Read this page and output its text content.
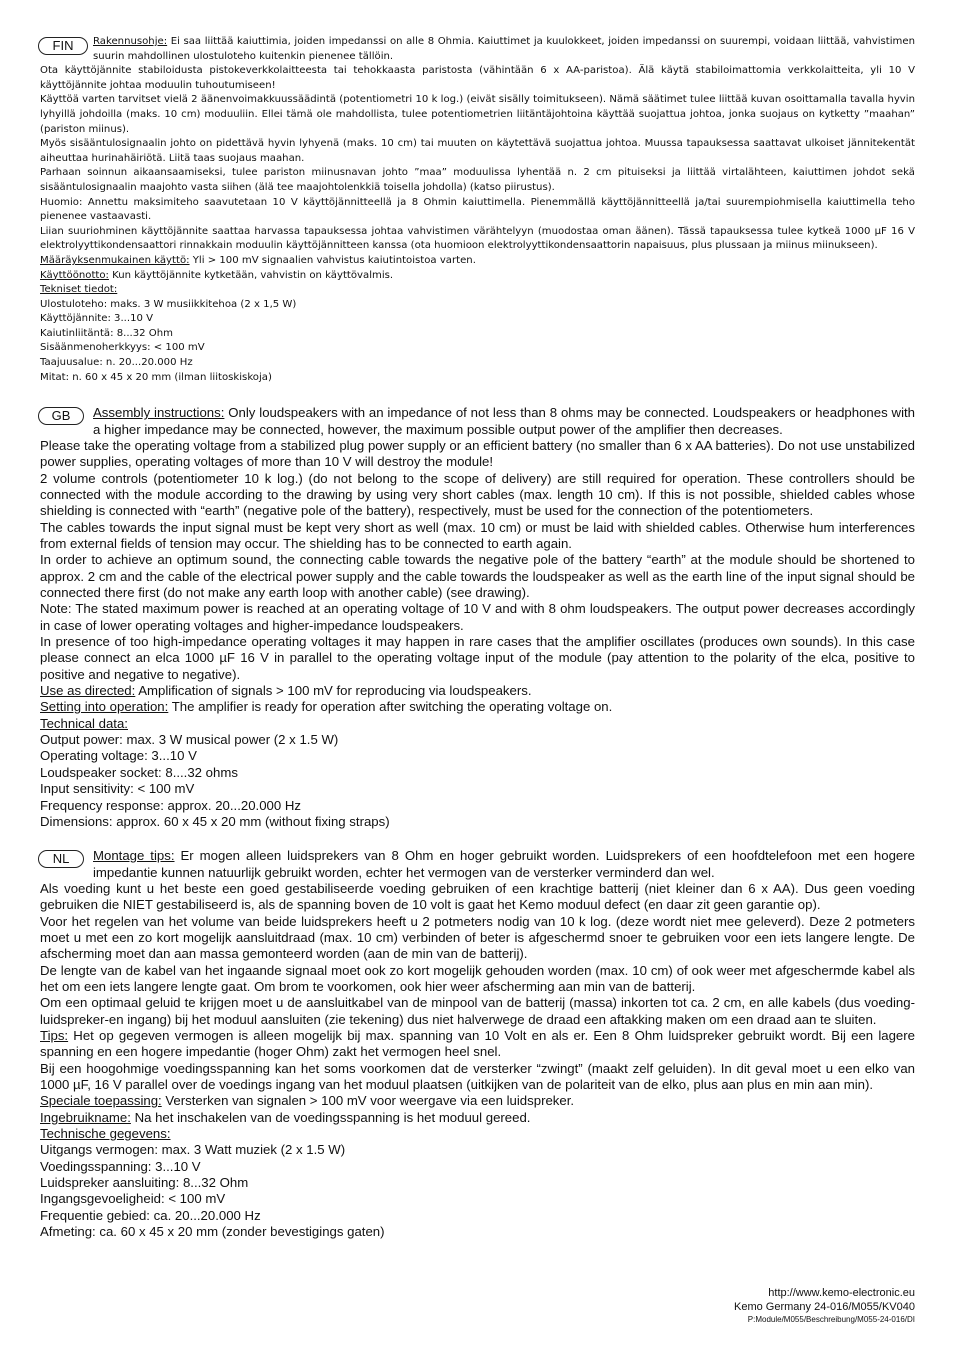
FIN	Rakennusohje: Ei saa liittää kaiuttimia, joiden impedanssi on alle 8 Ohmia. Kaiuttimet ja kuulokkeet, joiden impedanssi on suurempi, voidaan liittää, vahvistimen suurin mahdollinen ulostuloteho kuitenkin pienenee tällöin.

Ota käyttöjännite stabiloidusta pistokeverkkolaitteesta tai tehokkaasta paristosta (vähintään 6 x AA-paristoa). Älä käytä stabiloimattomia verkkolaitteita, yli 10 V käyttöjännite johtaa moduulin tuhoutumiseen!

Käyttöä varten tarvitset vielä 2 äänenvoimakkuussäädintä (potentiometri 10 k log.) (eivät sisälly toimitukseen). Nämä säätimet tulee liittää kuvan osoittamalla tavalla hyvin lyhyillä johdoilla (maks. 10 cm) moduuliin. Ellei tämä ole mahdollista, tulee potentiometrien liitäntäjohtoina käyttää suojattua johtoa, jonka suojaus on kytketty ”maahan” (pariston miinus).

Myös sisääntulosignaalin johto on pidettävä hyvin lyhyenä (maks. 10 cm) tai muuten on käytettävä suojattua johtoa. Muussa tapauksessa saattavat ulkoiset jännitekentät aiheuttaa hurinahäiriötä. Liitä taas suojaus maahan.

Parhaan soinnun aikaansaamiseksi, tulee pariston miinusnavan johto ”maa” moduulissa lyhentää n. 2 cm pituiseksi ja liittää virtalähteen, kaiuttimen johdot sekä sisääntulosignaalin maajohto vasta siihen (älä tee maajohtolenkkiä toisella johdolla) (katso piirustus).

Huomio: Annettu maksimiteho saavutetaan 10 V käyttöjännitteellä ja 8 Ohmin kaiuttimella. Pienemmällä käyttöjännitteellä ja/tai suurempiohmisella kaiuttimella teho pienenee vastaavasti.

Liian suuriohminen käyttöjännite saattaa harvassa tapauksessa johtaa vahvistimen värähtelyyn (muodostaa oman äänen). Tässä tapauksessa tulee kytkeä 1000 µF 16 V elektrolyyttikondensaattori rinnakkain moduulin käyttöjännitteen kanssa (ota huomioon elektrolyyttikondensaattorin napaisuus, plus plussaan ja miinus miinukseen).

Määräyksenmukainen käyttö: Yli > 100 mV signaalien vahvistus kaiutintoistoa varten.

Käyttöönotto: Kun käyttöjännite kytketään, vahvistin on käyttövalmis.

Tekniset tiedot:

Ulostuloteho: maks. 3 W musiikkitehoa (2 x 1,5 W)

Käyttöjännite: 3...10 V

Kaiutinliitäntä: 8...32 Ohm

Sisäänmenoherkkyys: < 100 mV

Taajuusalue: n. 20...20.000 Hz

Mitat: n. 60 x 45 x 20 mm (ilman liitoskiskoja)

GB	Assembly instructions: Only loudspeakers with an impedance of not less than 8 ohms may be connected. Loudspeakers or headphones with a higher impedance may be connected, however, the maximum possible output power of the amplifier then decreases.

Please take the operating voltage from a stabilized plug power supply or an efficient battery (no smaller than 6 x AA batteries). Do not use unstabilized power supplies, operating voltages of more than 10 V will destroy the module!

2 volume controls (potentiometer 10 k log.) (do not belong to the scope of delivery) are still required for operation. These controllers should be connected with the module according to the drawing by using very short cables (max. length 10 cm). If this is not possible, shielded cables whose shielding is connected with “earth” (negative pole of the battery), respectively, must be used for the connection of the potentiometers.

The cables towards the input signal must be kept very short as well (max. 10 cm) or must be laid with shielded cables. Otherwise hum interferences from external fields of tension may occur. The shielding has to be connected to earth again.

In order to achieve an optimum sound, the connecting cable towards the negative pole of the battery “earth” at the module should be shortened to approx. 2 cm and the cable of the electrical power supply and the cable towards the loudspeaker as well as the earth line of the input signal should be connected there first (do not make any earth loop with another cable) (see drawing).

Note: The stated maximum power is reached at an operating voltage of 10 V and with 8 ohm loudspeakers. The output power decreases accordingly in case of lower operating voltages and higher-impedance loudspeakers.

In presence of too high-impedance operating voltages it may happen in rare cases that the amplifier oscillates (produces own sounds). In this case please connect an elca 1000 µF 16 V in parallel to the operating voltage input of the module (pay attention to the polarity of the elca, positive to positive and negative to negative).

Use as directed: Amplification of signals > 100 mV for reproducing via loudspeakers.

Setting into operation: The amplifier is ready for operation after switching the operating voltage on.

Technical data:

Output power: max. 3 W musical power (2 x 1.5 W)

Operating voltage: 3...10 V

Loudspeaker socket: 8....32 ohms

Input sensitivity: < 100 mV

Frequency response: approx. 20...20.000 Hz

Dimensions: approx. 60 x 45 x 20 mm (without fixing straps)

NL	Montage tips: Er mogen alleen luidsprekers van 8 Ohm en hoger gebruikt worden. Luidsprekers of een hoofdtelefoon met een hogere impedantie kunnen natuurlijk gebruikt worden, echter het vermogen van de versterker verminderd dan wel.

Als voeding kunt u het beste een goed gestabiliseerde voeding gebruiken of een krachtige batterij (niet kleiner dan 6 x AA). Dus geen voeding gebruiken die NIET gestabiliseerd is, als de spanning boven de 10 volt is gaat het Kemo moduul defect (en daar zit geen garantie op).

Voor het regelen van het volume van beide luidsprekers heeft u 2 potmeters nodig van 10 k log. (deze wordt niet mee geleverd). Deze 2 potmeters moet u met een zo kort mogelijk aansluitdraad (max. 10 cm) verbinden of beter is afgeschermd snoer te gebruiken voor een iets langere lengte. De afscherming moet dan aan massa gemonteerd worden (aan de min van de batterij).

De lengte van de kabel van het ingaande signaal moet ook zo kort mogelijk gehouden worden (max. 10 cm) of ook weer met afgeschermde kabel als het om een iets langere lengte gaat. Om brom te voorkomen, ook hier weer afscherming aan min van de batterij.

Om een optimaal geluid te krijgen moet u de aansluitkabel van de minpool van de batterij (massa) inkorten tot ca. 2 cm, en alle kabels (dus voeding-luidspreker-en ingang) bij het moduul aansluiten (zie tekening) dus niet halverwege de draad een aftakking maken om een draad aan te sluiten.

Tips: Het op gegeven vermogen is alleen mogelijk bij max. spanning van 10 Volt en als er. Een 8 Ohm luidspreker gebruikt wordt. Bij een lagere spanning en een hogere impedantie (hoger Ohm) zakt het vermogen heel snel.

Bij een hoogohmige voedingsspanning kan het soms voorkomen dat de versterker “zwingt” (maakt zelf geluiden). In dit geval moet u een elko van 1000 µF, 16 V parallel over de voedings ingang van het moduul plaatsen (uitkijken van de polariteit van de elko, plus aan plus en min aan min).

Speciale toepassing: Versterken van signalen > 100 mV voor weergave via een luidspreker.

Ingebruikname: Na het inschakelen van de voedingsspanning is het moduul gereed.

Technische gegevens:

Uitgangs vermogen: max. 3 Watt muziek (2 x 1.5 W)

Voedingsspanning: 3...10 V

Luidspreker aansluiting: 8...32 Ohm

Ingangsgevoeligheid: < 100 mV

Frequentie gebied: ca. 20...20.000 Hz

Afmeting: ca. 60 x 45 x 20 mm (zonder bevestigings gaten)

http://www.kemo-electronic.eu
Kemo Germany 24-016/M055/KV040
P:Module/M055/Beschreibung/M055-24-016/DI
